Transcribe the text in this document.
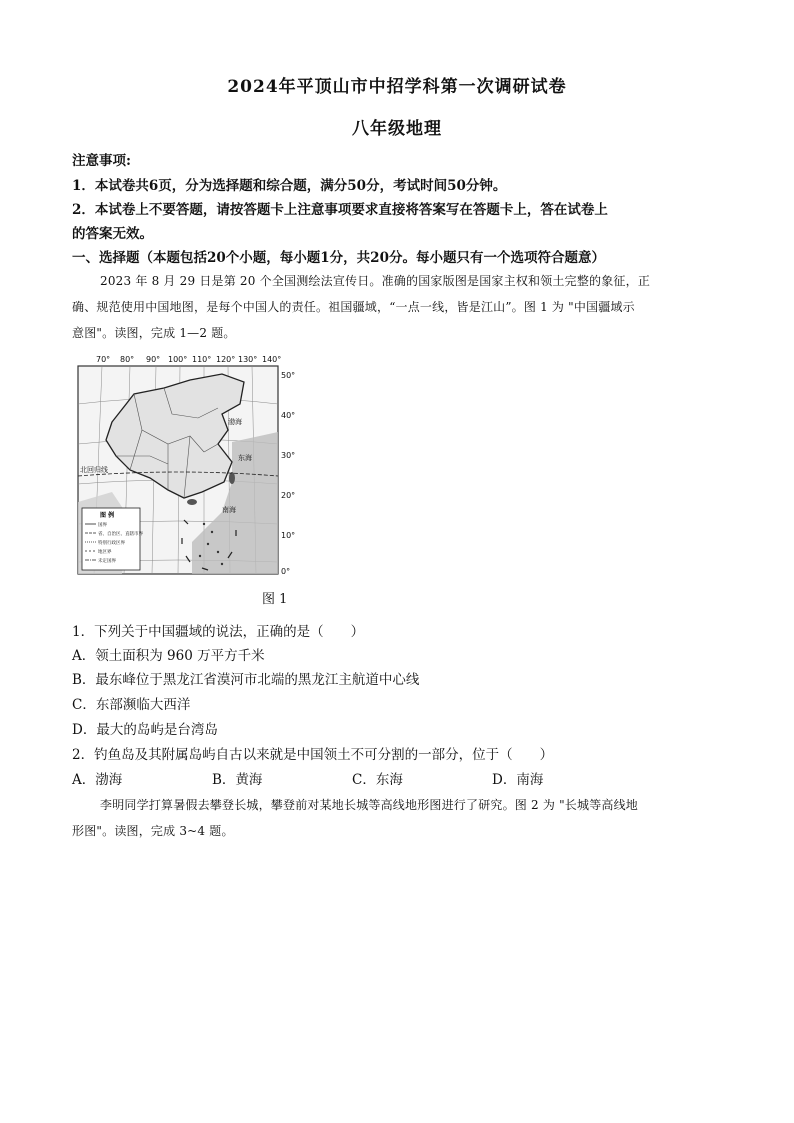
2024年平顶山市中招学科第一次调研试卷
八年级地理
注意事项:
1．本试卷共6页，分为选择题和综合题，满分50分，考试时间50分钟。
2．本试卷上不要答题，请按答题卡上注意事项要求直接将答案写在答题卡上，答在试卷上
的答案无效。
一、选择题（本题包括20个小题，每小题1分，共20分。每小题只有一个选项符合题意）
2023 年 8 月 29 日是第 20 个全国测绘法宣传日。准确的国家版图是国家主权和领土完整的象征，正
确、规范使用中国地图，是每个中国人的责任。祖国疆域，“一点一线，皆是江山”。图 1 为 "中国疆域示
意图"。读图，完成 1—2 题。
70° 80° 90° 100° 110° 120° 130° 140°
50°
40°
30°
20°
10°
0°
北回归线
东海
南海
渤海
图 例
国界
省、自治区、直辖市界
特别行政区界
地区界
未定国界
图 1
1．下列关于中国疆域的说法，正确的是（　　）
A．领土面积为 960 万平方千米
B．最东峰位于黑龙江省漠河市北端的黑龙江主航道中心线
C．东部濒临大西洋
D．最大的岛屿是台湾岛
2．钓鱼岛及其附属岛屿自古以来就是中国领土不可分割的一部分，位于（　　）
A．渤海	B．黄海	C．东海	D．南海
李明同学打算暑假去攀登长城，攀登前对某地长城等高线地形图进行了研究。图 2 为 "长城等高线地
形图"。读图，完成 3~4 题。
